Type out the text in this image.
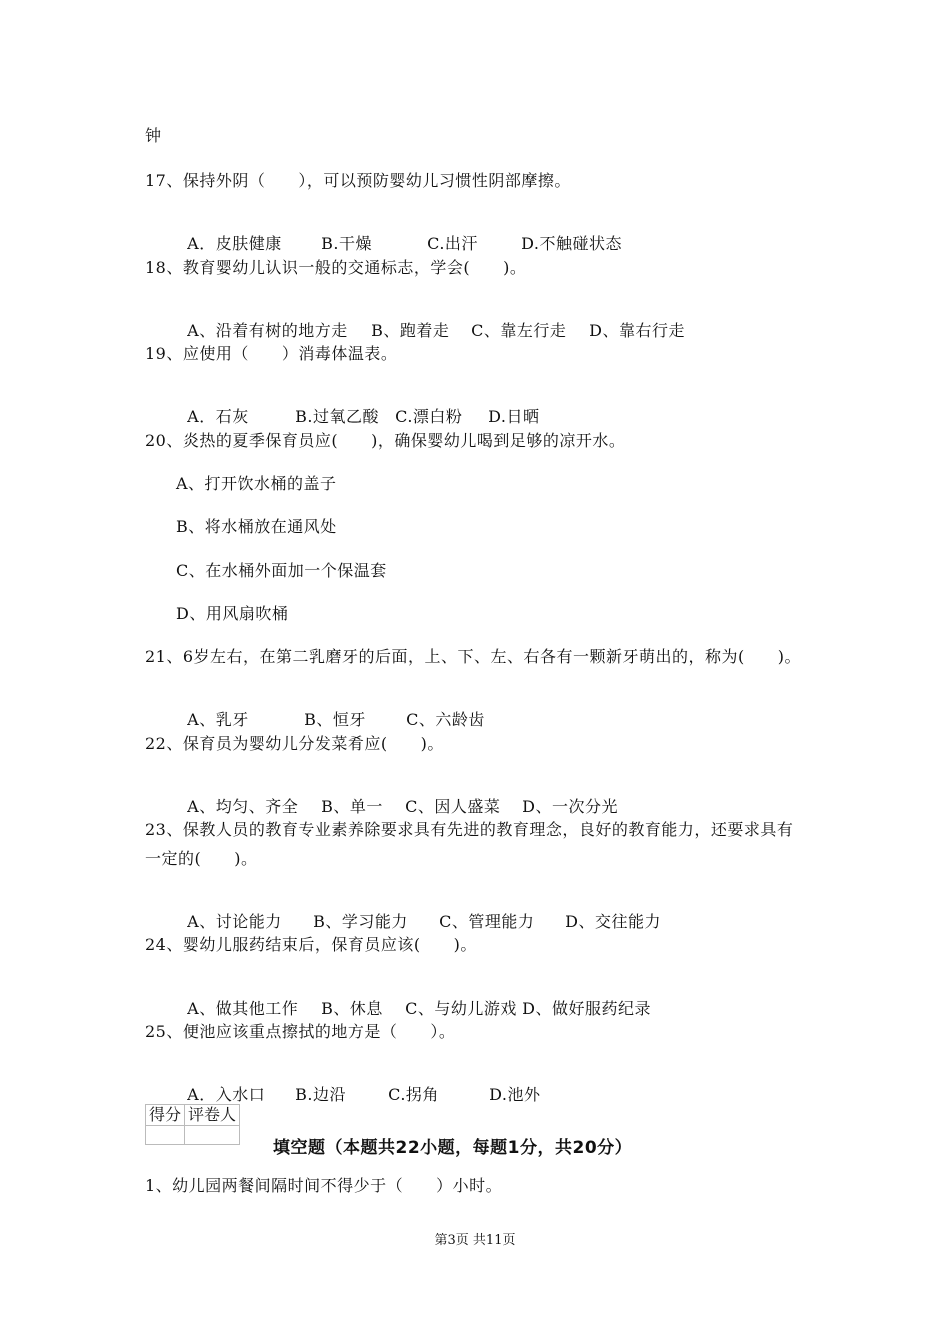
钟
17、保持外阴（　　），可以预防婴幼儿习惯性阴部摩擦。

A．皮肤健康 B.干燥	C.出汗	D.不触碰状态

18、教育婴幼儿认识一般的交通标志，学会(　　)。

A、沿着有树的地方走 B、跑着走 C、靠左行走 D、靠右行走

19、应使用（　　）消毒体温表。

A．石灰	B.过氧乙酸 C.漂白粉 D.日晒

20、炎热的夏季保育员应(　　)，确保婴幼儿喝到足够的凉开水。
A、打开饮水桶的盖子
B、将水桶放在通风处
C、在水桶外面加一个保温套
D、用风扇吹桶
21、6岁左右，在第二乳磨牙的后面，上、下、左、右各有一颗新牙萌出的，称为(　　)。

A、乳牙	B、恒牙	C、六龄齿

22、保育员为婴幼儿分发菜肴应(　　)。

A、均匀、齐全 B、单一 C、因人盛菜 D、一次分光

23、保教人员的教育专业素养除要求具有先进的教育理念，良好的教育能力，还要求具有
一定的(　　)。

A、讨论能力 B、学习能力 C、管理能力 D、交往能力

24、婴幼儿服药结束后，保育员应该(　　)。

A、做其他工作 B、休息 C、与幼儿游戏 D、做好服药纪录

25、便池应该重点擦拭的地方是（　　）。

A．入水口 B.边沿	C.拐角	D.池外

得分	评卷人

填空题（本题共22小题，每题1分，共20分）
1、幼儿园两餐间隔时间不得少于（　　）小时。
第3页 共11页
